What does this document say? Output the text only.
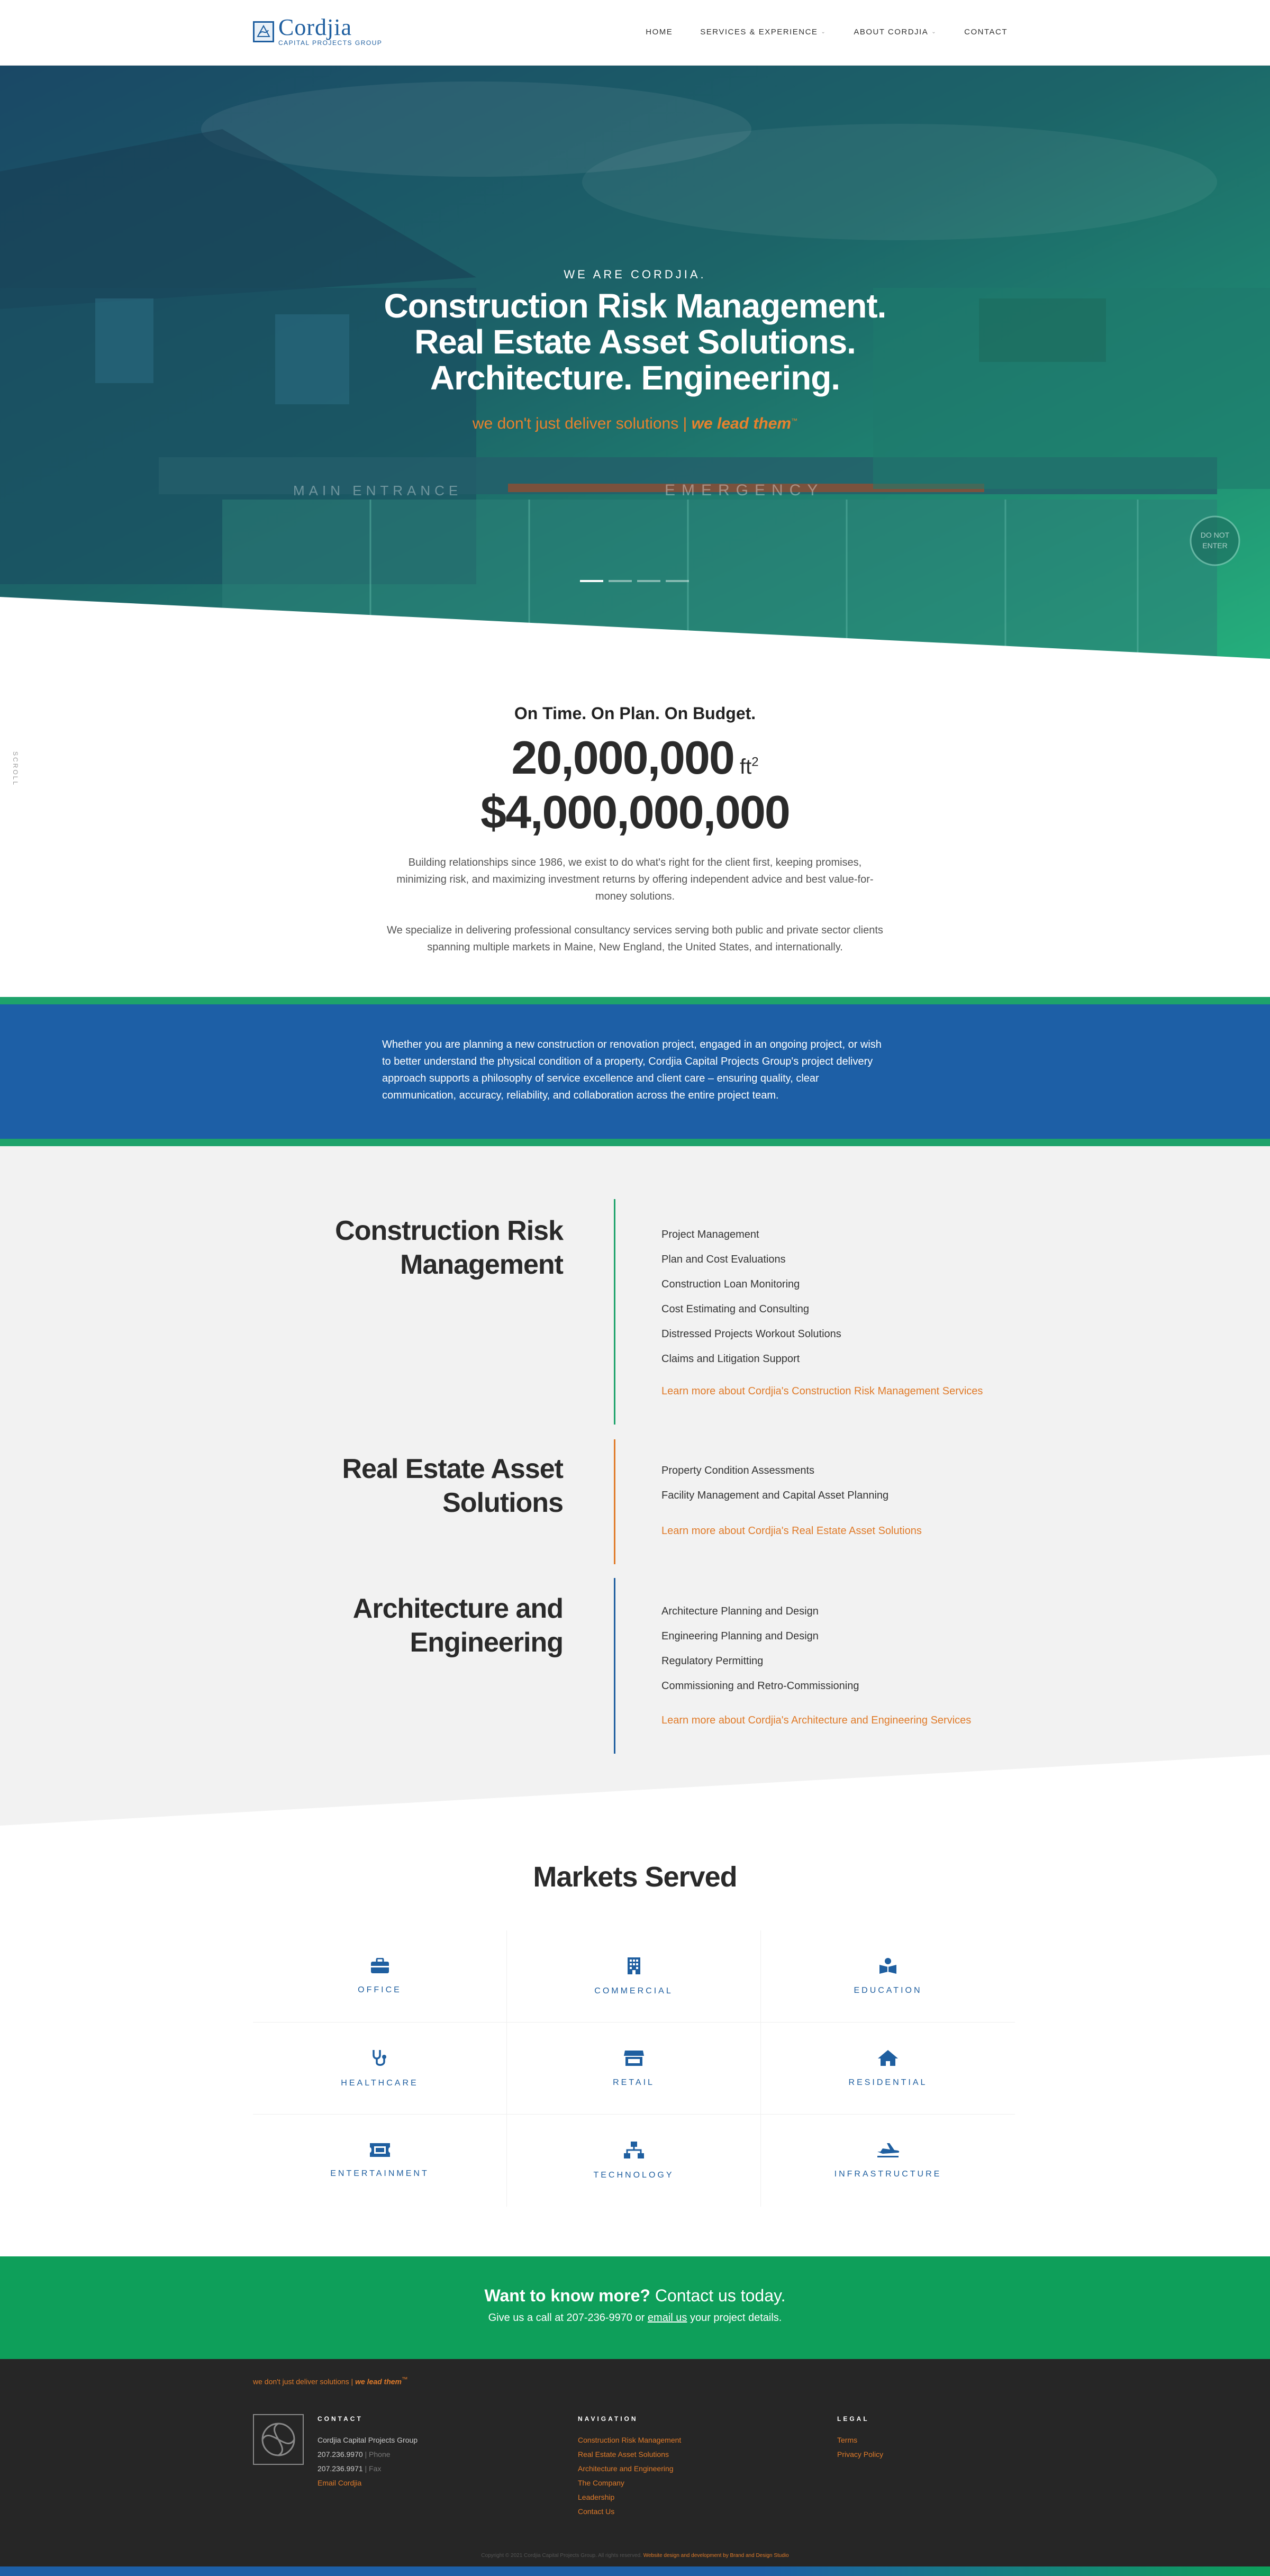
Cordjia
CAPITAL PROJECTS GROUP
HOME	SERVICES & EXPERIENCE ⌄	ABOUT CORDJIA ⌄	CONTACT
MAIN ENTRANCE	EMERGENCY
DO NOT
ENTER
WE ARE CORDJIA.
Construction Risk Management.
Real Estate Asset Solutions.
Architecture. Engineering.
we don't just deliver solutions | we lead them™
SCROLL
On Time. On Plan. On Budget.
20,000,000 $ft^2$
$4,000,000,000

Building relationships since 1986, we exist to do what's right for the client first, keeping promises, minimizing risk, and maximizing investment returns by offering independent advice and best value-for-money solutions.

We specialize in delivering professional consultancy services serving both public and private sector clients spanning multiple markets in Maine, New England, the United States, and internationally.

Whether you are planning a new construction or renovation project, engaged in an ongoing project, or wish to better understand the physical condition of a property, Cordjia Capital Projects Group's project delivery approach supports a philosophy of service excellence and client care – ensuring quality, clear communication, accuracy, reliability, and collaboration across the entire project team.

Construction Risk
Management
Project Management
Plan and Cost Evaluations
Construction Loan Monitoring
Cost Estimating and Consulting
Distressed Projects Workout Solutions
Claims and Litigation Support
Learn more about Cordjia's Construction Risk Management Services
Real Estate Asset
Solutions
Property Condition Assessments
Facility Management and Capital Asset Planning
Learn more about Cordjia's Real Estate Asset Solutions
Architecture and
Engineering
Architecture Planning and Design
Engineering Planning and Design
Regulatory Permitting
Commissioning and Retro-Commissioning
Learn more about Cordjia's Architecture and Engineering Services
Markets Served
OFFICE	COMMERCIAL	EDUCATION
HEALTHCARE	RETAIL	RESIDENTIAL
ENTERTAINMENT	TECHNOLOGY	INFRASTRUCTURE
Want to know more? Contact us today.
Give us a call at 207-236-9970 or email us your project details.
we don't just deliver solutions | we lead them™
CONTACT
Cordjia Capital Projects Group
207.236.9970 | Phone
207.236.9971 | Fax
Email Cordjia
NAVIGATION
Construction Risk Management
Real Estate Asset Solutions
Architecture and Engineering
The Company
Leadership
Contact Us
LEGAL
Terms
Privacy Policy
Copyright © 2021 Cordjia Capital Projects Group. All rights reserved. Website design and development by Brand and Design Studio
